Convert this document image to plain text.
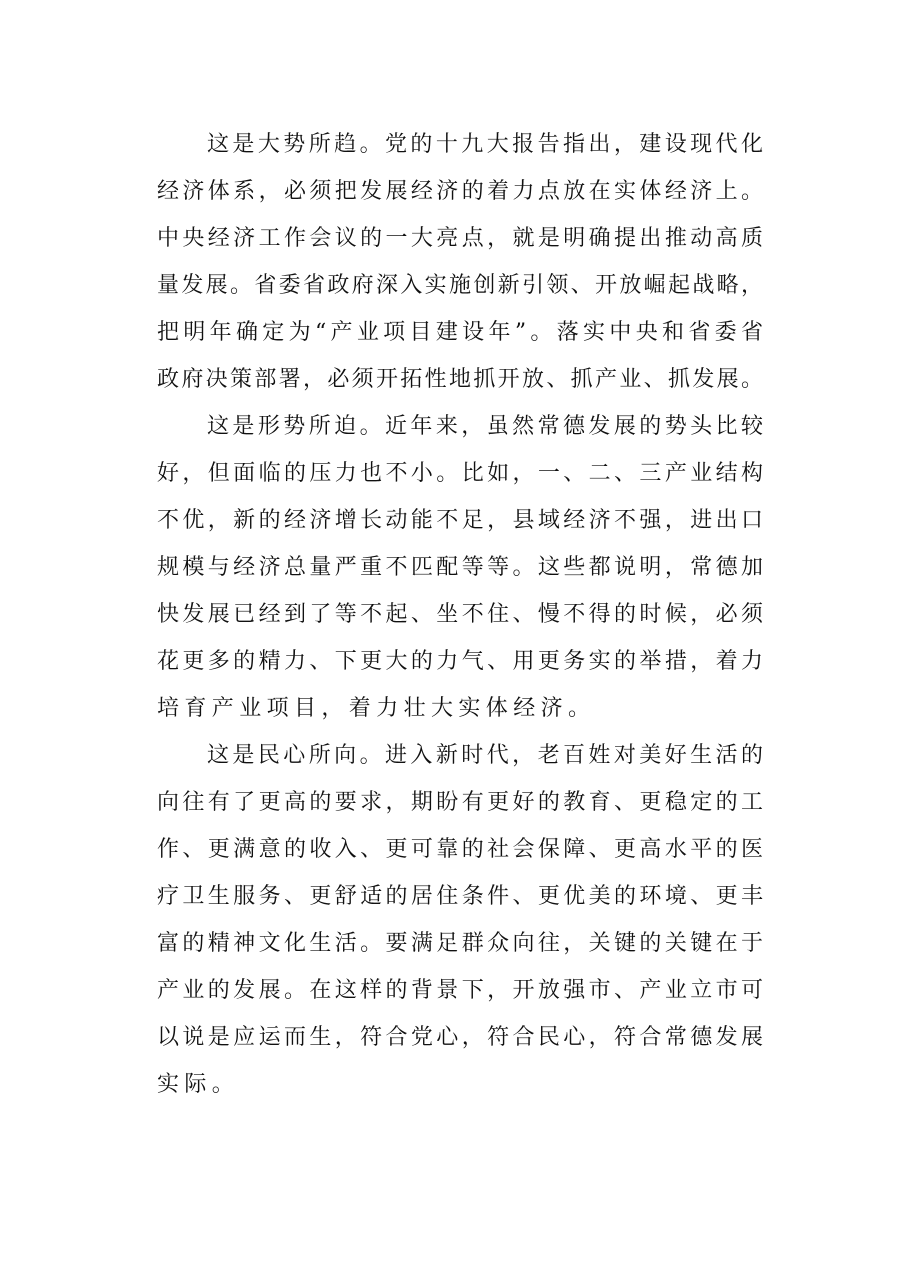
这是大势所趋。党的十九大报告指出，建设现代化
经济体系，必须把发展经济的着力点放在实体经济上。
中央经济工作会议的一大亮点，就是明确提出推动高质
量发展。省委省政府深入实施创新引领、开放崛起战略，
把明年确定为“产业项目建设年”。落实中央和省委省
政府决策部署，必须开拓性地抓开放、抓产业、抓发展。
这是形势所迫。近年来，虽然常德发展的势头比较
好，但面临的压力也不小。比如，一、二、三产业结构
不优，新的经济增长动能不足，县域经济不强，进出口
规模与经济总量严重不匹配等等。这些都说明，常德加
快发展已经到了等不起、坐不住、慢不得的时候，必须
花更多的精力、下更大的力气、用更务实的举措，着力
培育产业项目，着力壮大实体经济。
这是民心所向。进入新时代，老百姓对美好生活的
向往有了更高的要求，期盼有更好的教育、更稳定的工
作、更满意的收入、更可靠的社会保障、更高水平的医
疗卫生服务、更舒适的居住条件、更优美的环境、更丰
富的精神文化生活。要满足群众向往，关键的关键在于
产业的发展。在这样的背景下，开放强市、产业立市可
以说是应运而生，符合党心，符合民心，符合常德发展
实际。
